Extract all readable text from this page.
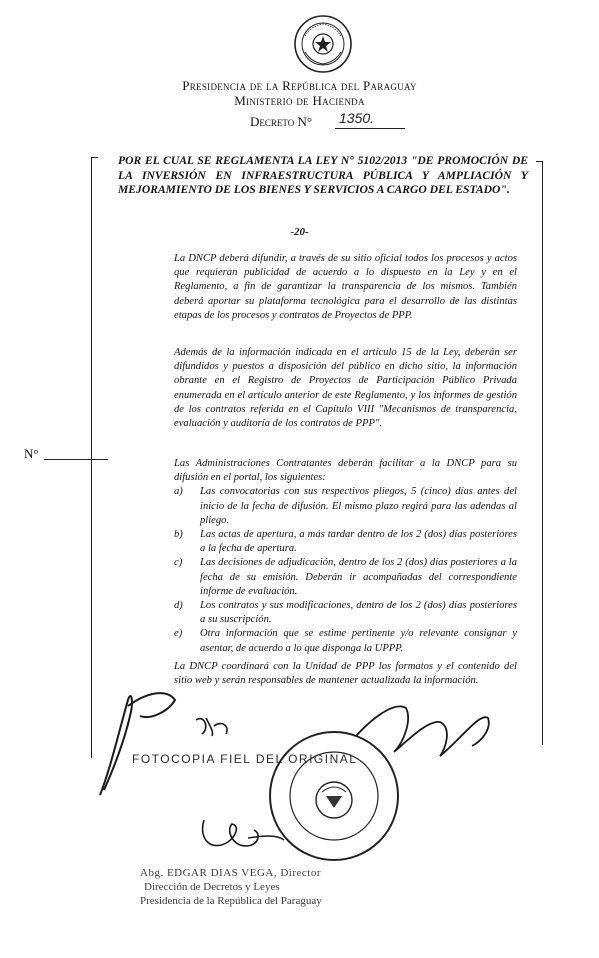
Presidencia de la República del Paraguay
Ministerio de Hacienda
Decreto N° 1350.
N°
POR EL CUAL SE REGLAMENTA LA LEY N° 5102/2013 "DE PROMOCIÓN DE LA INVERSIÓN EN INFRAESTRUCTURA PÚBLICA Y AMPLIACIÓN Y MEJORAMIENTO DE LOS BIENES Y SERVICIOS A CARGO DEL ESTADO".
-20-
La DNCP deberá difundir, a través de su sitio oficial todos los procesos y actos que requieran publicidad de acuerdo a lo dispuesto en la Ley y en el Reglamento, a fin de garantizar la transparencia de los mismos. También deberá aportar su plataforma tecnológica para el desarrollo de las distintas etapas de los procesos y contratos de Proyectos de PPP.
Además de la información indicada en el artículo 15 de la Ley, deberán ser difundidos y puestos a disposición del público en dicho sitio, la información obrante en el Registro de Proyectos de Participación Público Privada enumerada en el artículo anterior de este Reglamento, y los informes de gestión de los contratos referida en el Capítulo VIII "Mecanismos de transparencia, evaluación y auditoría de los contratos de PPP".
Las Administraciones Contratantes deberán facilitar a la DNCP para su difusión en el portal, los siguientes:
a) Las convocatorias con sus respectivos pliegos, 5 (cinco) días antes del inicio de la fecha de difusión. El mismo plazo regirá para las adendas al pliego.
b) Las actas de apertura, a más tardar dentro de los 2 (dos) días posteriores a la fecha de apertura.
c) Las decisiones de adjudicación, dentro de los 2 (dos) días posteriores a la fecha de su emisión. Deberán ir acompañadas del correspondiente informe de evaluación.
d) Los contratos y sus modificaciones, dentro de los 2 (dos) días posteriores a su suscripción.
e) Otra información que se estime pertinente y/o relevante consignar y asentar, de acuerdo a lo que disponga la UPPP.
La DNCP coordinará con la Unidad de PPP los formatos y el contenido del sitio web y serán responsables de mantener actualizada la información.
FOTOCOPIA FIEL DEL ORIGINAL
Abg. EDGAR DIAS VEGA, Director
Dirección de Decretos y Leyes
Presidencia de la República del Paraguay
